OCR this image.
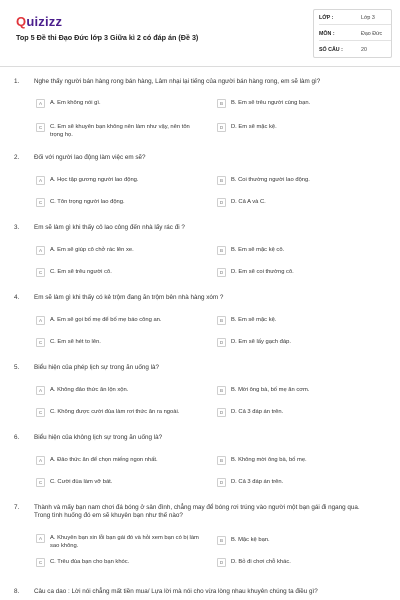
Quizizz
Top 5 Đề thi Đạo Đức lớp 3 Giữa kì 2 có đáp án (Đề 3)
LỚP :	Lớp 3
MÔN :	Đạo Đức
SỐ CÂU :	20
1. Nghe thấy người bán hàng rong bán hàng, Lâm nhại lại tiếng của người bán hàng rong, em sẽ làm gì?
A	A. Em không nói gì.	B	B. Em sẽ trêu người cùng bạn.
C	C. Em sẽ khuyên bạn không nên làm như vậy, nên tôn trọng họ.
D	D. Em sẽ mặc kệ.
2. Đối với người lao động làm việc em sẽ?
A	A. Học tập gương người lao động.	B	B. Coi thường người lao động.
C	C. Tôn trọng người lao động.	D	D. Cả A và C.
3. Em sẽ làm gì khi thấy cô lao công đến nhà lấy rác đi ?
A	A. Em sẽ giúp cô chở rác lên xe.	B	B. Em sẽ mặc kệ cô.
C	C. Em sẽ trêu người cô.	D	D. Em sẽ coi thường cô.
4. Em sẽ làm gì khi thấy có kẻ trộm đang ăn trộm bên nhà hàng xóm ?
A	A. Em sẽ gọi bố mẹ để bố mẹ báo công an.	B	B. Em sẽ mặc kệ.
C	C. Em sẽ hét to lên.	D	D. Em sẽ lấy gạch đáp.
5. Biểu hiện của phép lịch sự trong ăn uống là?
A	A. Không đảo thức ăn lộn xộn.	B	B. Mời ông bà, bố mẹ ăn cơm.
C	C. Không được cười đùa làm rơi thức ăn ra ngoài.	D	D. Cả 3 đáp án trên.
6. Biểu hiện của không lịch sự trong ăn uống là?
A	A. Đảo thức ăn để chọn miếng ngon nhất.	B	B. Không mời ông bà, bố mẹ.
C	C. Cười đùa làm vỡ bát.	D	D. Cả 3 đáp án trên.
7. Thành và mấy bạn nam chơi đá bóng ở sân đình, chẳng may để bóng rơi trúng vào người một bạn gái đi ngang qua. Trong tình huống đó em sẽ khuyên bạn như thế nào?
A	A. Khuyên bạn xin lỗi bạn gái đó và hỏi xem bạn có bị làm sao không.
B	B. Mặc kệ bạn.
C	C. Trêu đùa bạn cho bạn khóc.	D	D. Bỏ đi chơi chỗ khác.
8. Câu ca dao : Lời nói chẳng mất tiền mua/ Lựa lời mà nói cho vừa lòng nhau khuyên chúng ta điều gì?
